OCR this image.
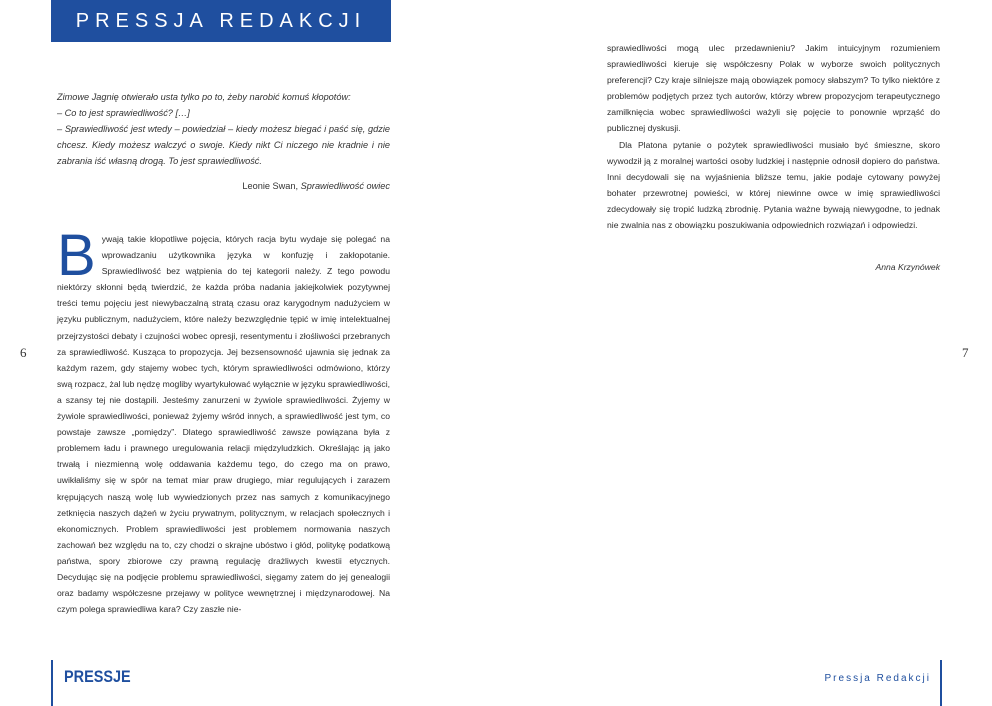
PRESSJA REDAKCJI

Zimowe Jagnię otwierało usta tylko po to, żeby narobić komuś kłopotów:

– Co to jest sprawiedliwość? […]

– Sprawiedliwość jest wtedy – powiedział – kiedy możesz biegać i paść się, gdzie chcesz. Kiedy możesz walczyć o swoje. Kiedy nikt Ci niczego nie kradnie i nie zabrania iść własną drogą. To jest sprawiedliwość.

Leonie Swan, Sprawiedliwość owiec

Bywają takie kłopotliwe pojęcia, których racja bytu wydaje się polegać na wprowadzaniu użytkownika języka w konfuzję i zakłopotanie. Sprawiedliwość bez wątpienia do tej kategorii należy. Z tego powodu niektórzy skłonni będą twierdzić, że każda próba nadania jakiejkolwiek pozytywnej treści temu pojęciu jest niewybaczalną stratą czasu oraz karygodnym nadużyciem w języku publicznym, nadużyciem, które należy bezwzględnie tępić w imię intelektualnej przejrzystości debaty i czujności wobec opresji, resentymentu i złośliwości przebranych za sprawiedliwość. Kusząca to propozycja. Jej bezsensowność ujawnia się jednak za każdym razem, gdy stajemy wobec tych, którym sprawiedliwości odmówiono, którzy swą rozpacz, żal lub nędzę mogliby wyartykułować wyłącznie w języku sprawiedliwości, a szansy tej nie dostąpili. Jesteśmy zanurzeni w żywiole sprawiedliwości. Żyjemy w żywiole sprawiedliwości, ponieważ żyjemy wśród innych, a sprawiedliwość jest tym, co powstaje zawsze „pomiędzy”. Dlatego sprawiedliwość zawsze powiązana była z problemem ładu i prawnego uregulowania relacji międzyludzkich. Określając ją jako trwałą i niezmienną wolę oddawania każdemu tego, do czego ma on prawo, uwikłaliśmy się w spór na temat miar praw drugiego, miar regulujących i zarazem krępujących naszą wolę lub wywiedzionych przez nas samych z komunikacyjnego zetknięcia naszych dążeń w życiu prywatnym, politycznym, w relacjach społecznych i ekonomicznych. Problem sprawiedliwości jest problemem normowania naszych zachowań bez względu na to, czy chodzi o skrajne ubóstwo i głód, politykę podatkową państwa, spory zbiorowe czy prawną regulację drażliwych kwestii etycznych. Decydując się na podjęcie problemu sprawiedliwości, sięgamy zatem do jej genealogii oraz badamy współczesne przejawy w polityce wewnętrznej i międzynarodowej. Na czym polega sprawiedliwa kara? Czy zaszłe nie-

sprawiedliwości mogą ulec przedawnieniu? Jakim intuicyjnym rozumieniem sprawiedliwości kieruje się współczesny Polak w wyborze swoich politycznych preferencji? Czy kraje silniejsze mają obowiązek pomocy słabszym? To tylko niektóre z problemów podjętych przez tych autorów, którzy wbrew propozycjom terapeutycznego zamilknięcia wobec sprawiedliwości ważyli się pojęcie to ponownie wprząść do publicznej dyskusji.

Dla Platona pytanie o pożytek sprawiedliwości musiało być śmieszne, skoro wywodził ją z moralnej wartości osoby ludzkiej i następnie odnosił dopiero do państwa. Inni decydowali się na wyjaśnienia bliższe temu, jakie podaje cytowany powyżej bohater przewrotnej powieści, w której niewinne owce w imię sprawiedliwości zdecydowały się tropić ludzką zbrodnię. Pytania ważne bywają niewygodne, to jednak nie zwalnia nas z obowiązku poszukiwania odpowiednich rozwiązań i odpowiedzi.

Anna Krzynówek
6	7
PRESSJE	Pressja Redakcji
